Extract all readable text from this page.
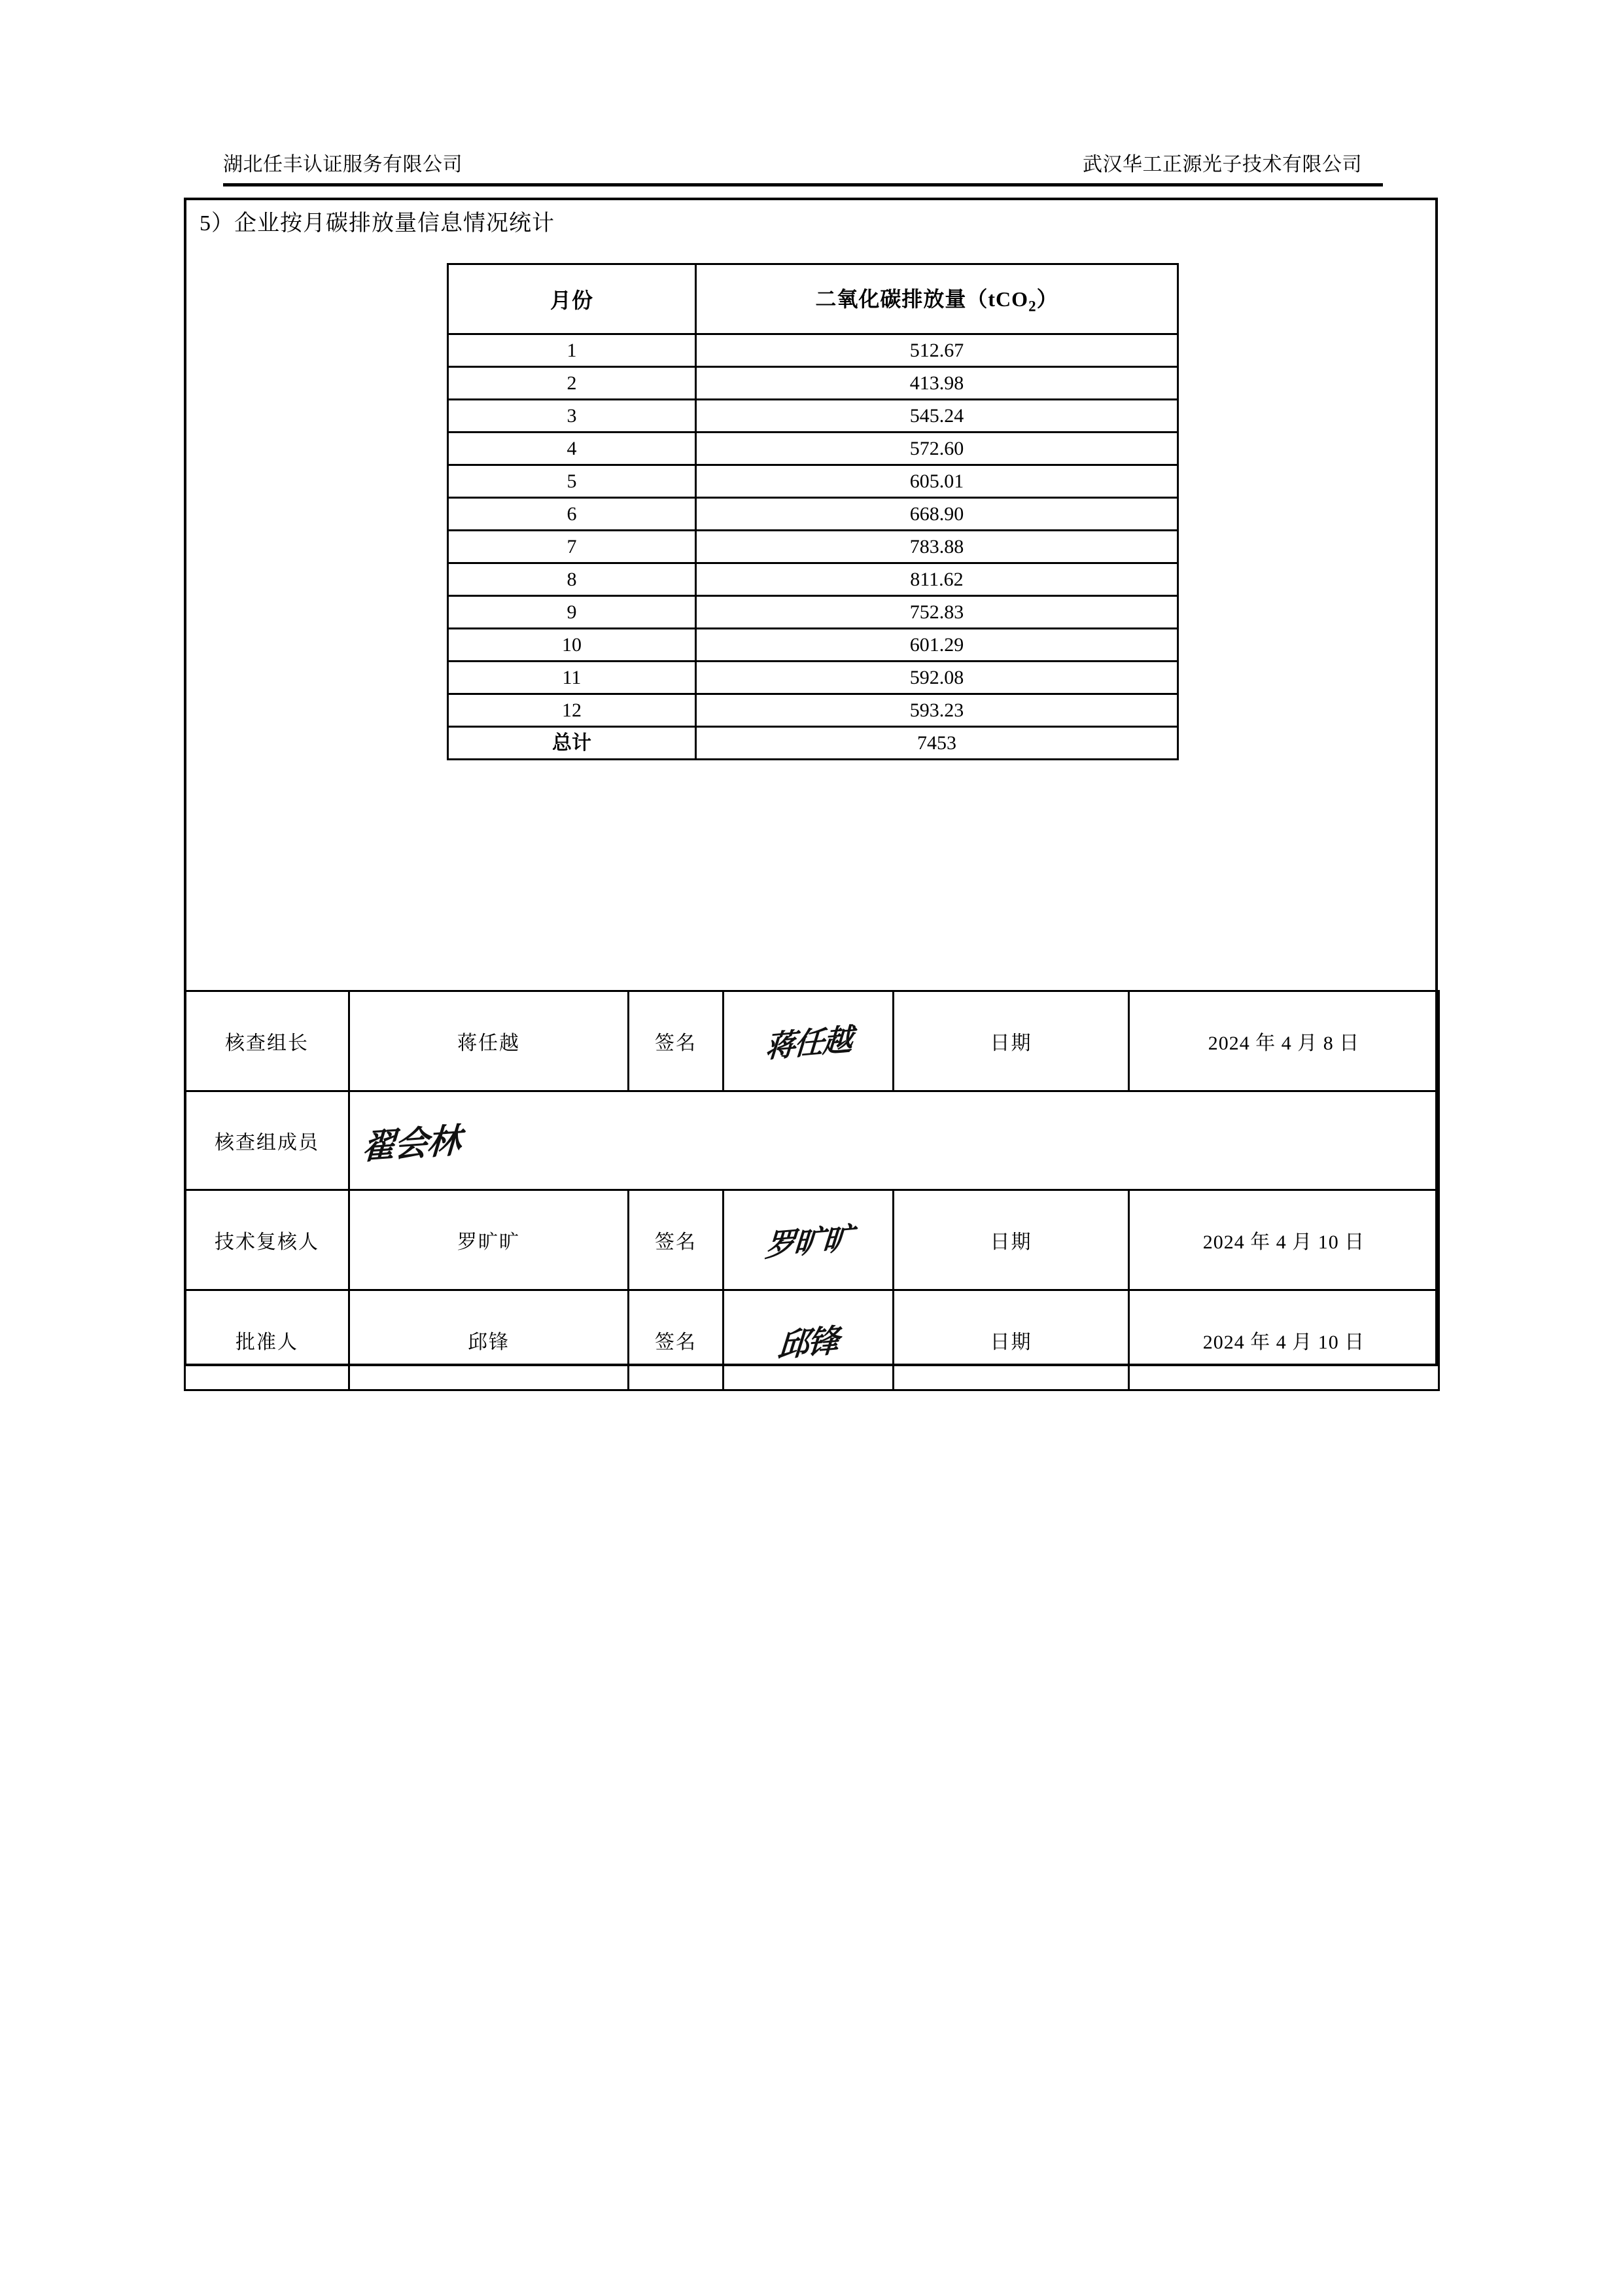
湖北任丰认证服务有限公司	武汉华工正源光子技术有限公司
5）企业按月碳排放量信息情况统计
月份	二氧化碳排放量（tCO$_2$）
1	512.67
2	413.98
3	545.24
4	572.60
5	605.01
6	668.90
7	783.88
8	811.62
9	752.83
10	601.29
11	592.08
12	593.23
总计	7453
核查组长	蒋任越	签名	蒋任越	日期	2024 年 4 月 8 日
核查组成员	翟会林				
技术复核人	罗旷旷	签名	罗旷旷	日期	2024 年 4 月 10 日
批准人	邱锋	签名	邱锋	日期	2024 年 4 月 10 日
